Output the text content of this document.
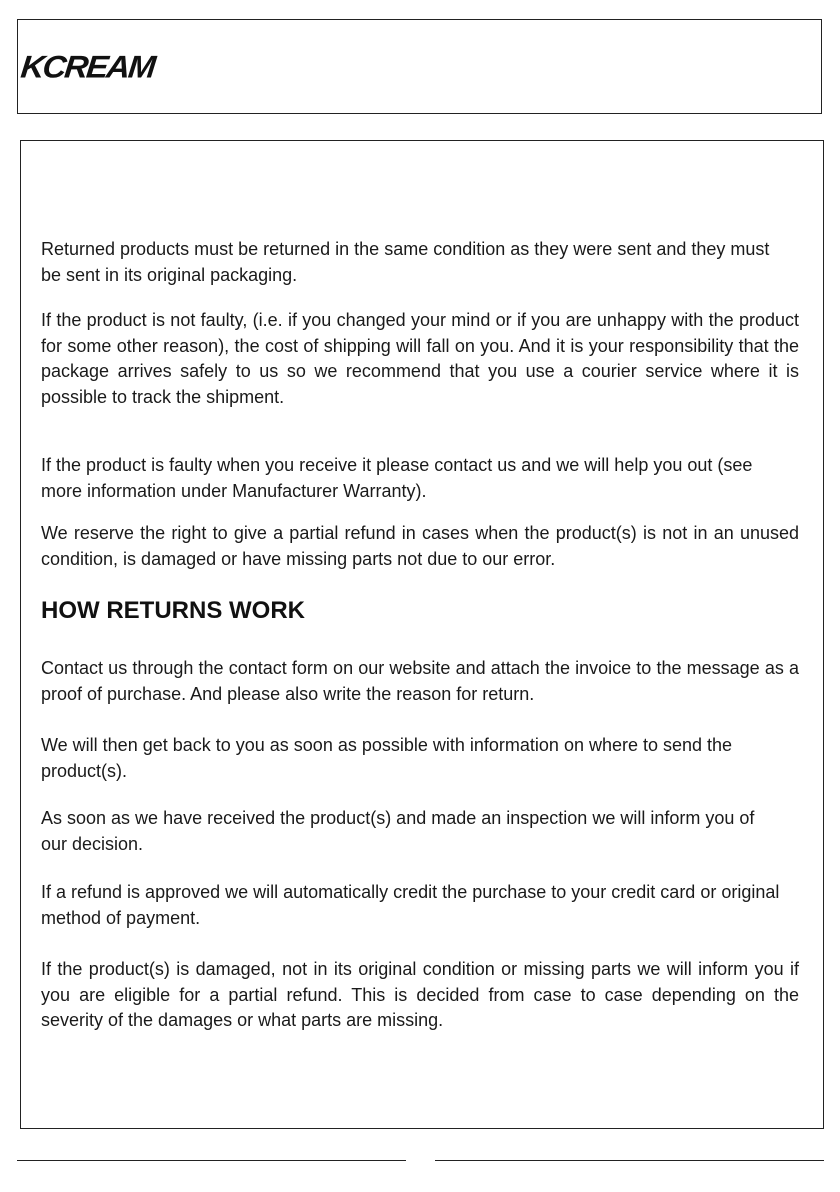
KCREAM

Returned products must be returned in the same condition as they were sent and they must be sent in its original packaging.

If the product is not faulty, (i.e. if you changed your mind or if you are unhappy with the product for some other reason), the cost of shipping will fall on you. And it is your responsibility that the package arrives safely to us so we recommend that you use a courier service where it is possible to track the shipment.

If the product is faulty when you receive it please contact us and we will help you out (see more information under Manufacturer Warranty).

We reserve the right to give a partial refund in cases when the product(s) is not in an unused condition, is damaged or have missing parts not due to our error.

HOW RETURNS WORK

Contact us through the contact form on our website and attach the invoice to the message as a proof of purchase. And please also write the reason for return.

We will then get back to you as soon as possible with information on where to send the product(s).

As soon as we have received the product(s) and made an inspection we will inform you of our decision.

If a refund is approved we will automatically credit the purchase to your credit card or original method of payment.

If the product(s) is damaged, not in its original condition or missing parts we will inform you if you are eligible for a partial refund. This is decided from case to case depending on the severity of the damages or what parts are missing.
